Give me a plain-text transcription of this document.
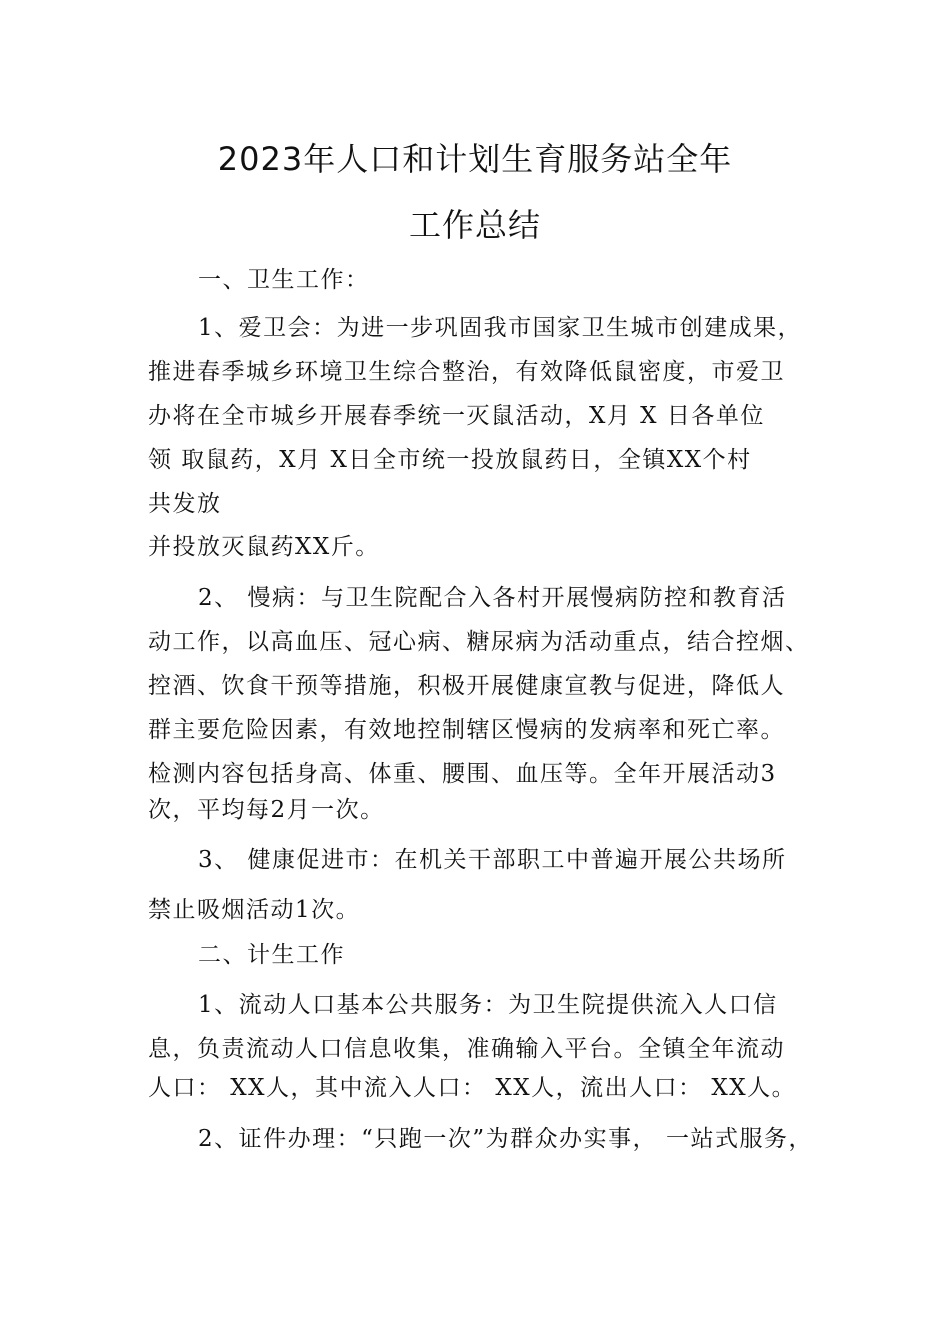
2023年人口和计划生育服务站全年
工作总结
一、卫生工作：
1、爱卫会：为进一步巩固我市国家卫生城市创建成果，
推进春季城乡环境卫生综合整治，有效降低鼠密度，市爱卫
办将在全市城乡开展春季统一灭鼠活动，X月 X 日各单位
领 取鼠药，X月 X日全市统一投放鼠药日，全镇XX个村
共发放
并投放灭鼠药XX斤。
2、 慢病：与卫生院配合入各村开展慢病防控和教育活
动工作，以高血压、冠心病、糖尿病为活动重点，结合控烟、
控酒、饮食干预等措施，积极开展健康宣教与促进，降低人
群主要危险因素，有效地控制辖区慢病的发病率和死亡率。
检测内容包括身高、体重、腰围、血压等。全年开展活动3
次，平均每2月一次。
3、 健康促进市：在机关干部职工中普遍开展公共场所
禁止吸烟活动1次。
二、计生工作
1、流动人口基本公共服务：为卫生院提供流入人口信
息，负责流动人口信息收集，准确输入平台。全镇全年流动
人口： XX人，其中流入人口： XX人，流出人口： XX人。
2、证件办理：“只跑一次”为群众办实事， 一站式服务，
